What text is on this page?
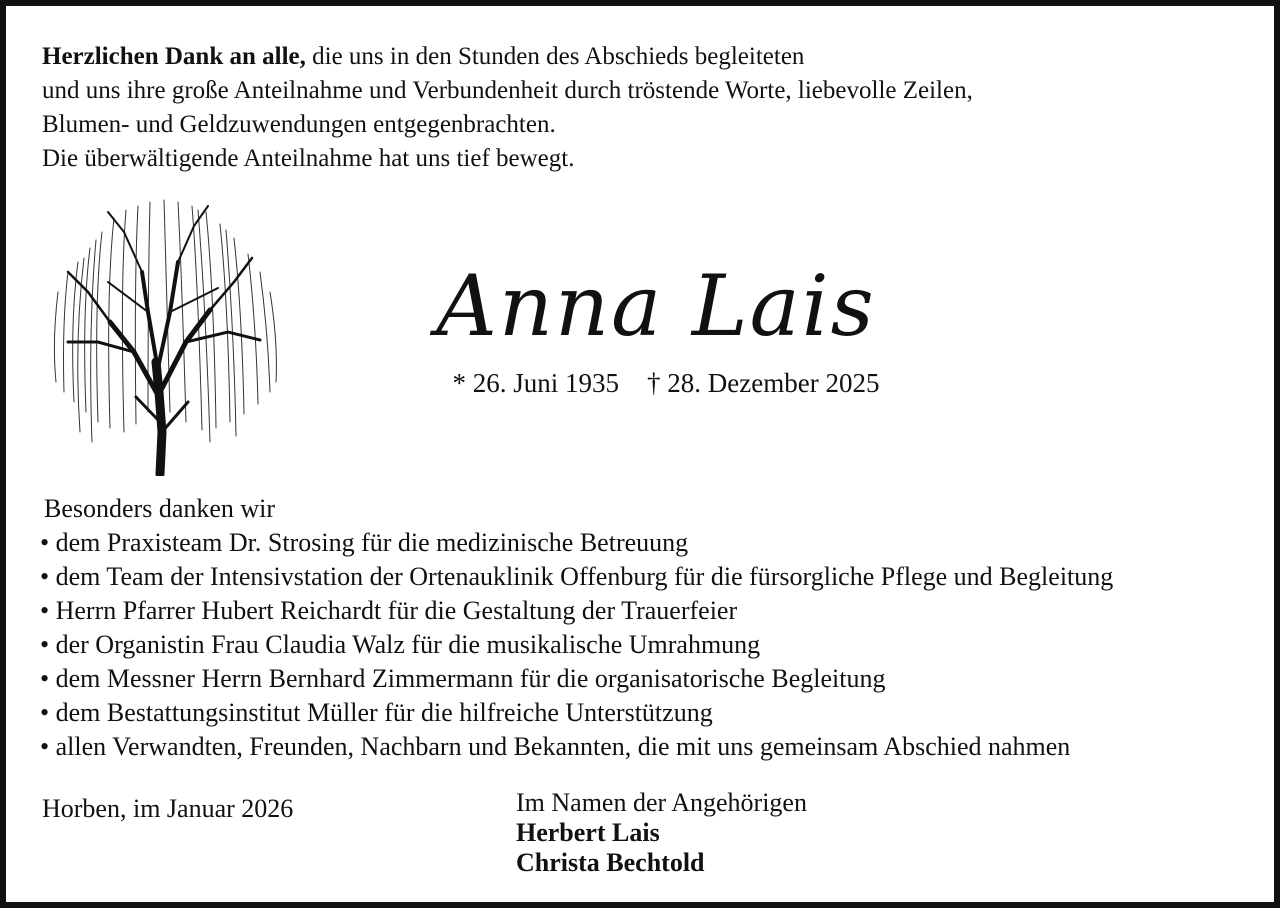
Herzlichen Dank an alle, die uns in den Stunden des Abschieds begleiteten
und uns ihre große Anteilnahme und Verbundenheit durch tröstende Worte, liebevolle Zeilen,
Blumen- und Geldzuwendungen entgegenbrachten.
Die überwältigende Anteilnahme hat uns tief bewegt.
Anna Lais
* 26. Juni 1935 † 28. Dezember 2025
Besonders danken wir
• dem Praxisteam Dr. Strosing für die medizinische Betreuung
• dem Team der Intensivstation der Ortenauklinik Offenburg für die fürsorgliche Pflege und Begleitung
• Herrn Pfarrer Hubert Reichardt für die Gestaltung der Trauerfeier
• der Organistin Frau Claudia Walz für die musikalische Umrahmung
• dem Messner Herrn Bernhard Zimmermann für die organisatorische Begleitung
• dem Bestattungsinstitut Müller für die hilfreiche Unterstützung
• allen Verwandten, Freunden, Nachbarn und Bekannten, die mit uns gemeinsam Abschied nahmen
Horben, im Januar 2026	Im Namen der Angehörigen
Herbert Lais
Christa Bechtold
